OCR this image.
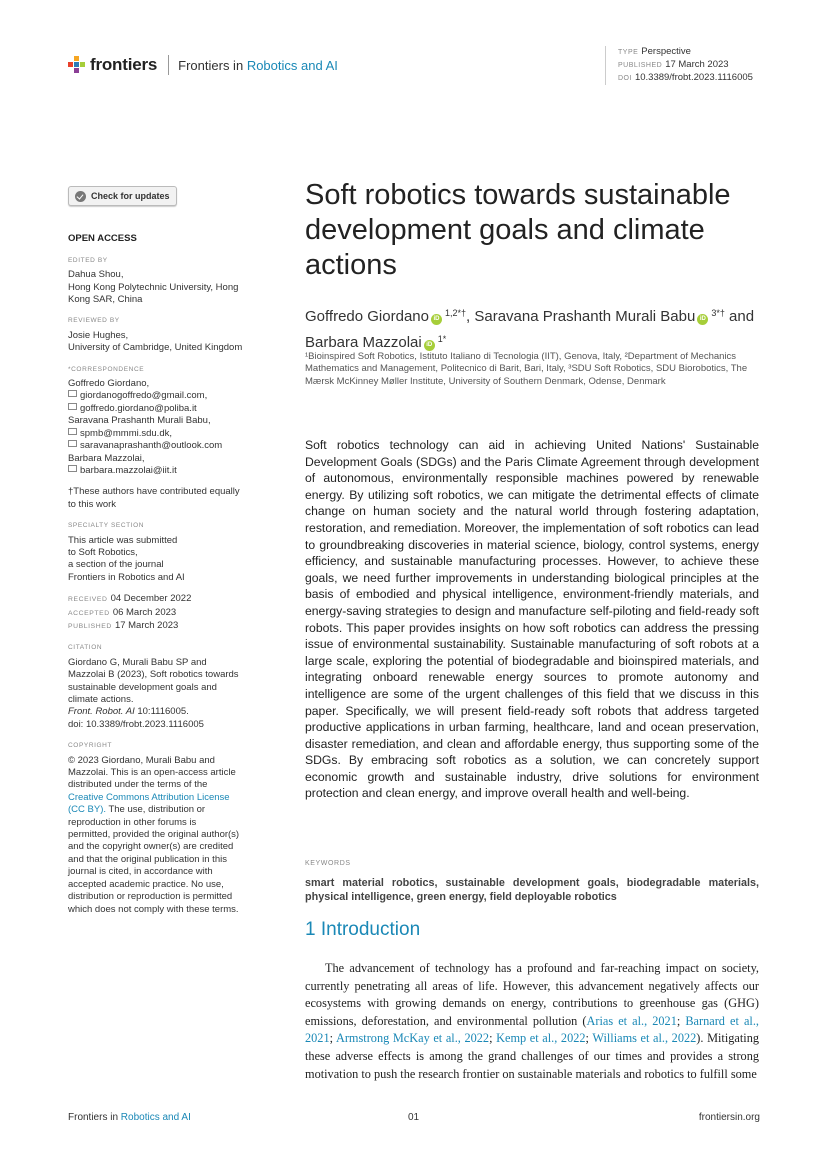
frontiers Frontiers in Robotics and AI
TYPE Perspective
PUBLISHED 17 March 2023
DOI 10.3389/frobt.2023.1116005
Check for updates
OPEN ACCESS
EDITED BY
Dahua Shou,
Hong Kong Polytechnic University, Hong
Kong SAR, China
REVIEWED BY
Josie Hughes,
University of Cambridge, United Kingdom
*CORRESPONDENCE
Goffredo Giordano,
giordanogoffredo@gmail.com,
goffredo.giordano@poliba.it
Saravana Prashanth Murali Babu,
spmb@mmmi.sdu.dk,
saravanaprashanth@outlook.com
Barbara Mazzolai,
barbara.mazzolai@iit.it
†These authors have contributed equally
to this work
SPECIALTY SECTION
This article was submitted
to Soft Robotics,
a section of the journal
Frontiers in Robotics and AI
RECEIVED 04 December 2022
ACCEPTED 06 March 2023
PUBLISHED 17 March 2023
CITATION
Giordano G, Murali Babu SP and
Mazzolai B (2023), Soft robotics towards
sustainable development goals and
climate actions.
Front. Robot. AI 10:1116005.
doi: 10.3389/frobt.2023.1116005
COPYRIGHT
© 2023 Giordano, Murali Babu and
Mazzolai. This is an open-access article
distributed under the terms of the
Creative Commons Attribution License
(CC BY). The use, distribution or
reproduction in other forums is
permitted, provided the original author(s)
and the copyright owner(s) are credited
and that the original publication in this
journal is cited, in accordance with
accepted academic practice. No use,
distribution or reproduction is permitted
which does not comply with these terms.
Soft robotics towards sustainable development goals and climate actions
Goffredo Giordano $iD^{1,2*\dagger}$, Saravana Prashanth Murali Babu $iD^{3*\dagger}$ and Barbara Mazzolai $iD^{1*}$
¹Bioinspired Soft Robotics, Istituto Italiano di Tecnologia (IIT), Genova, Italy, ²Department of Mechanics Mathematics and Management, Politecnico di Barit, Bari, Italy, ³SDU Soft Robotics, SDU Biorobotics, The Mærsk McKinney Møller Institute, University of Southern Denmark, Odense, Denmark
Soft robotics technology can aid in achieving United Nations' Sustainable Development Goals (SDGs) and the Paris Climate Agreement through development of autonomous, environmentally responsible machines powered by renewable energy. By utilizing soft robotics, we can mitigate the detrimental effects of climate change on human society and the natural world through fostering adaptation, restoration, and remediation. Moreover, the implementation of soft robotics can lead to groundbreaking discoveries in material science, biology, control systems, energy efficiency, and sustainable manufacturing processes. However, to achieve these goals, we need further improvements in understanding biological principles at the basis of embodied and physical intelligence, environment-friendly materials, and energy-saving strategies to design and manufacture self-piloting and field-ready soft robots. This paper provides insights on how soft robotics can address the pressing issue of environmental sustainability. Sustainable manufacturing of soft robots at a large scale, exploring the potential of biodegradable and bioinspired materials, and integrating onboard renewable energy sources to promote autonomy and intelligence are some of the urgent challenges of this field that we discuss in this paper. Specifically, we will present field-ready soft robots that address targeted productive applications in urban farming, healthcare, land and ocean preservation, disaster remediation, and clean and affordable energy, thus supporting some of the SDGs. By embracing soft robotics as a solution, we can concretely support economic growth and sustainable industry, drive solutions for environment protection and clean energy, and improve overall health and well-being.
KEYWORDS
smart material robotics, sustainable development goals, biodegradable materials, physical intelligence, green energy, field deployable robotics
1 Introduction

The advancement of technology has a profound and far-reaching impact on society, currently penetrating all areas of life. However, this advancement negatively affects our ecosystems with growing demands on energy, contributions to greenhouse gas (GHG) emissions, deforestation, and environmental pollution (Arias et al., 2021; Barnard et al., 2021; Armstrong McKay et al., 2022; Kemp et al., 2022; Williams et al., 2022). Mitigating these adverse effects is among the grand challenges of our times and provides a strong motivation to push the research frontier on sustainable materials and robotics to fulfill some

Frontiers in Robotics and AI	01	frontiersin.org
